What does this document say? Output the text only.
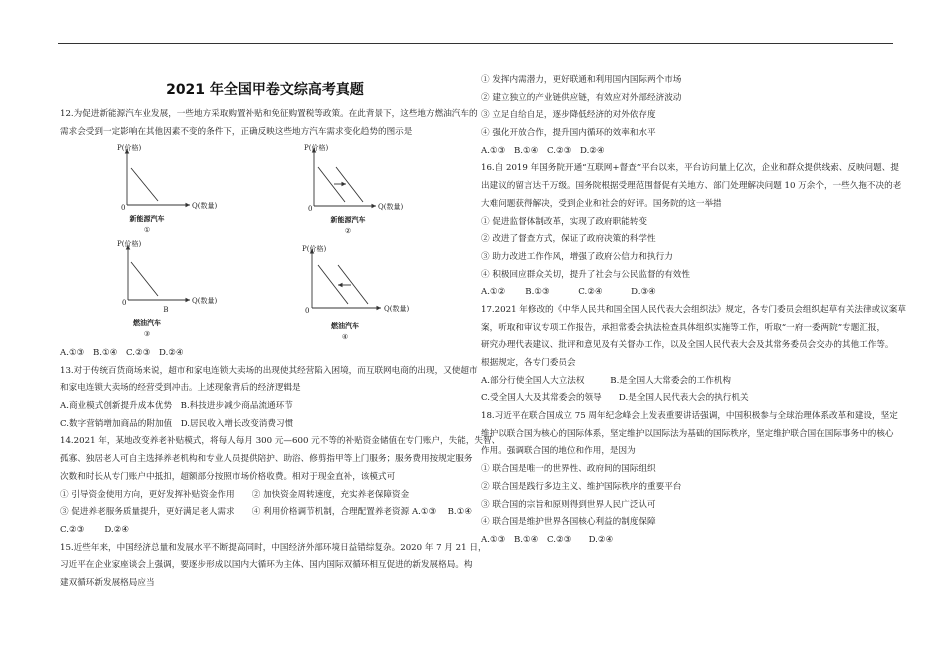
2021 年全国甲卷文综高考真题
12.为促进新能源汽车业发展，一些地方采取购置补贴和免征购置税等政策。在此背景下，这些地方燃油汽车的
需求会受到一定影响在其他因素不变的条件下，正确反映这些地方汽车需求变化趋势的图示是
P(价格)
Q(数量)
0
新能源汽车
①
P(价格)
Q(数量)
0
新能源汽车
②
P(价格)
Q(数量)
0
B
燃油汽车
③
P(价格)
Q(数量)
0
燃油汽车
④
A.①③　B.①④　C.②③　D.②④
13.对于传统百货商场来说，超市和家电连锁大卖场的出现使其经营陷入困境，而互联网电商的出现，又使超市
和家电连锁大卖场的经营受到冲击。上述现象背后的经济逻辑是
A.商业模式创新提升成本优势　B.科技进步减少商品流通环节
C.数字营销增加商品的附加值　D.居民收入增长改变消费习惯
14.2021 年，某地改变养老补贴模式，将每人每月 300 元—600 元不等的补贴资金储值在专门账户，失能，失智、
孤寡、独居老人可自主选择养老机构和专业人员提供陪护、助浴、修剪指甲等上门服务；服务费用按规定服务
次数和时长从专门账户中抵扣，超额部分按照市场价格收费。相对于现金直补，该模式可
① 引导资金使用方向，更好发挥补贴资金作用　　② 加快资金周转速度，充实养老保障资金
③ 促进养老服务质量提升，更好满足老人需求　　④ 利用价格调节机制，合理配置养老资源 A.①③　 B.①④
C.②③　　 D.②④
15.近些年来，中国经济总量和发展水平不断提高同时，中国经济外部环境日益错综复杂。2020 年 7 月 21 日，
习近平在企业家座谈会上强调，要逐步形成以国内大循环为主体、国内国际双循环相互促进的新发展格局。构
建双循环新发展格局应当
① 发挥内需潜力，更好联通和利用国内国际两个市场
② 建立独立的产业链供应链，有效应对外部经济波动
③ 立足自给自足，逐步降低经济的对外依存度
④ 强化开放合作，提升国内循环的效率和水平
A.①③　B.①④　C.②③　D.②④
16.自 2019 年国务院开通“互联网+督查”平台以来，平台访问量上亿次，企业和群众提供线索、反映问题、提
出建议的留言达千万级。国务院根据受理范围督促有关地方、部门处理解决问题 10 万余个，一些久拖不决的老
大难问题获得解决，受到企业和社会的好评。国务院的这一举措
① 促进监督体制改革，实现了政府职能转变
② 改进了督查方式，保证了政府决策的科学性
③ 助力改进工作作风，增强了政府公信力和执行力
④ 积极回应群众关切，提升了社会与公民监督的有效性
A.①②　　 B.①③　　　 C.②④　　　 D.③④
17.2021 年修改的《中华人民共和国全国人民代表大会组织法》规定，各专门委员会组织起草有关法律或议案草
案，听取和审议专项工作报告，承担常委会执法检查具体组织实施等工作，听取“一府一委两院”专题汇报，
研究办理代表建议、批评和意见及有关督办工作，以及全国人民代表大会及其常务委员会交办的其他工作等。
根据规定，各专门委员会
A.部分行使全国人大立法权　　　B.是全国人大常委会的工作机构
C.受全国人大及其常委会的领导　　D.是全国人民代表大会的执行机关
18.习近平在联合国成立 75 周年纪念峰会上发表重要讲话强调，中国积极参与全球治理体系改革和建设，坚定
维护以联合国为核心的国际体系，坚定维护以国际法为基础的国际秩序，坚定维护联合国在国际事务中的核心
作用。强调联合国的地位和作用，是因为
① 联合国是唯一的世界性、政府间的国际组织
② 联合国是践行多边主义、维护国际秩序的重要平台
③ 联合国的宗旨和原则得到世界人民广泛认可
④ 联合国是维护世界各国核心利益的制度保障
A.①③　B.①④　C.②③　　D.②④
